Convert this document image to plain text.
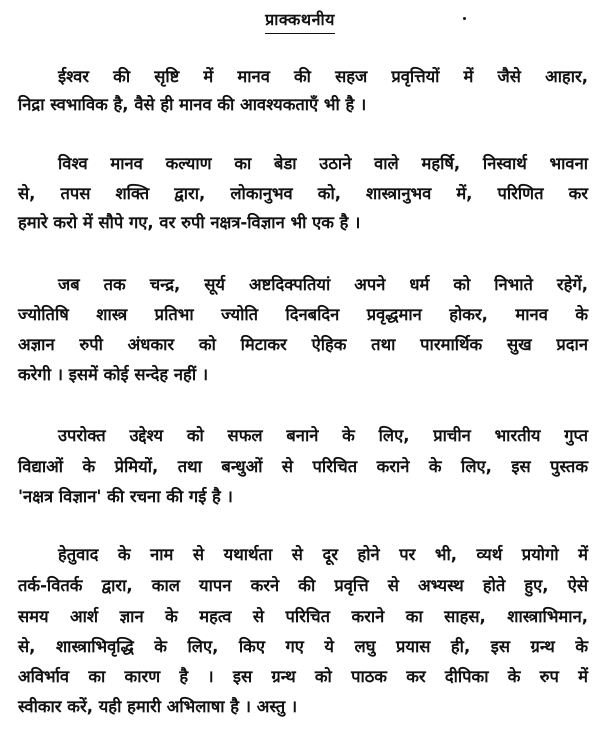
प्राक्कथनीय
ईश्वर की सृष्टि में मानव की सहज प्रवृत्तियों में जैसे आहार,
निद्रा स्वभाविक है, वैसे ही मानव की आवश्यकताएँ भी है ।
विश्व मानव कल्याण का बेडा उठाने वाले महर्षि, निस्वार्थ भावना
से, तपस शक्ति द्वारा, लोकानुभव को, शास्त्रानुभव में, परिणित कर
हमारे करो में सौपे गए, वर रुपी नक्षत्र-विज्ञान भी एक है ।
जब तक चन्द्र, सूर्य अष्टदिक्पतियां अपने धर्म को निभाते रहेगें,
ज्योतिषि शास्त्र प्रतिभा ज्योति दिनबदिन प्रवृद्धमान होकर, मानव के
अज्ञान रुपी अंधकार को मिटाकर ऐहिक तथा पारमार्थिक सुख प्रदान
करेगी । इसमें कोई सन्देह नहीं ।
उपरोक्त उद्देश्य को सफल बनाने के लिए, प्राचीन भारतीय गुप्त
विद्याओं के प्रेमियों, तथा बन्धुओं से परिचित कराने के लिए, इस पुस्तक
'नक्षत्र विज्ञान' की रचना की गई है ।
हेतुवाद के नाम से यथार्थता से दूर होने पर भी, व्यर्थ प्रयोगो में
तर्क-वितर्क द्वारा, काल यापन करने की प्रवृत्ति से अभ्यस्थ होते हुए, ऐसे
समय आर्श ज्ञान के महत्व से परिचित कराने का साहस, शास्त्राभिमान,
से, शास्त्राभिवृद्धि के लिए, किए गए ये लघु प्रयास ही, इस ग्रन्थ के
अविर्भाव का कारण है । इस ग्रन्थ को पाठक कर दीपिका के रुप में
स्वीकार करें, यही हमारी अभिलाषा है । अस्तु ।
